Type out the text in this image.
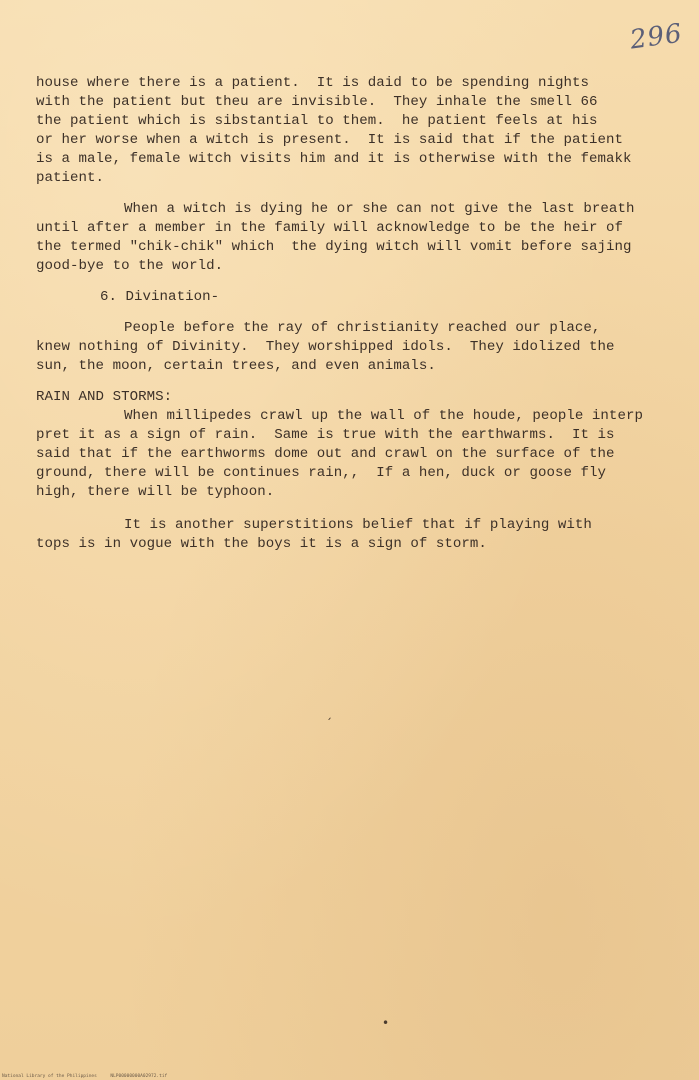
296
house where there is a patient.  It is daid to be spending nights
with the patient but theu are invisible.  They inhale the smell 66
the patient which is sibstantial to them.  he patient feels at his
or her worse when a witch is present.  It is said that if the patient
is a male, female witch visits him and it is otherwise with the femakk
patient.
When a witch is dying he or she can not give the last breath
until after a member in the family will acknowledge to be the heir of
the termed "chik-chik" which  the dying witch will vomit before sajing
good-bye to the world.
6. Divination-
People before the ray of christianity reached our place,
knew nothing of Divinity.  They worshipped idols.  They idolized the
sun, the moon, certain trees, and even animals.
RAIN AND STORMS:
When millipedes crawl up the wall of the houde, people interp
pret it as a sign of rain.  Same is true with the earthwarms.  It is
said that if the earthworms dome out and crawl on the surface of the
ground, there will be continues rain,,  If a hen, duck or goose fly
high, there will be typhoon.
It is another superstitions belief that if playing with
tops is in vogue with the boys it is a sign of storm.
ˏ
•
National Library of the Philippines     NLP00000000A02972.tif
